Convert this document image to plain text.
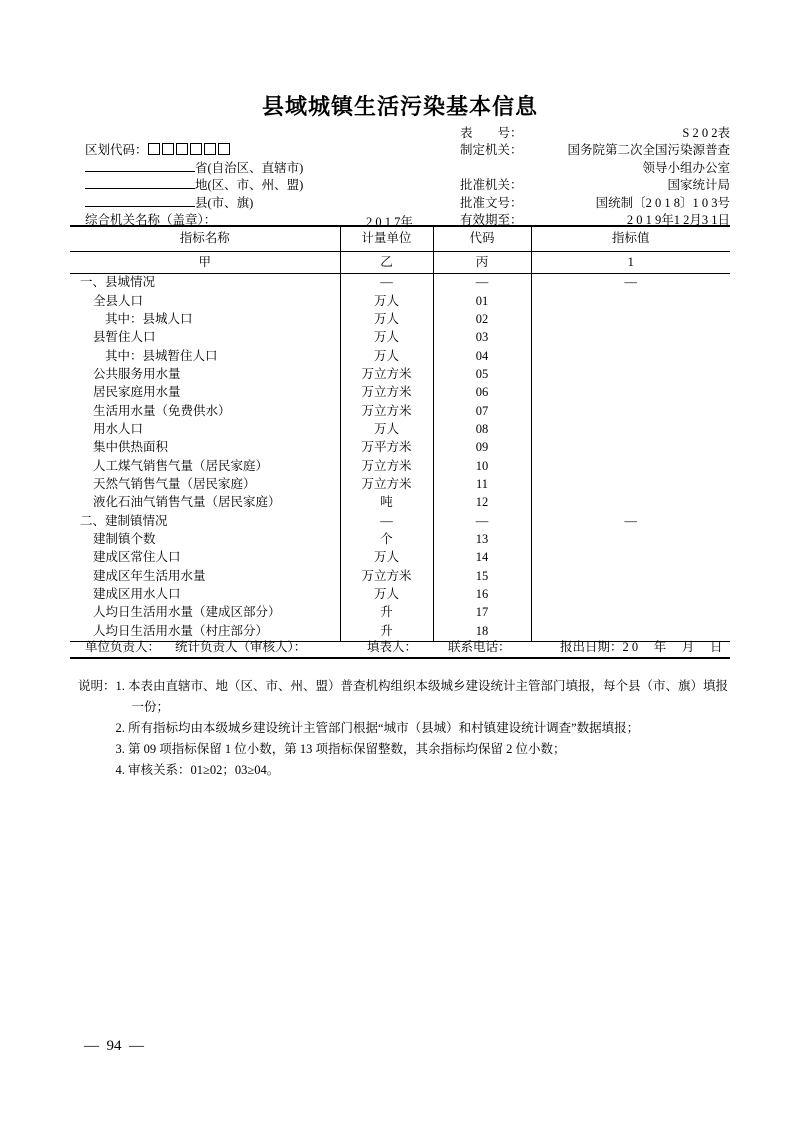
县域城镇生活污染基本信息
表　　号：	S 2 0 2表
区划代码：	制定机关：	国务院第二次全国污染源普查
省(自治区、直辖市)	领导小组办公室
地(区、市、州、盟)	批准机关：	国家统计局
县(市、旗)	批准文号：	国统制〔2 0 1 8〕1 0 3号
综合机关名称（盖章）：	2 0 1 7年	有效期至：	2 0 1 9年1 2月3 1日
指标名称	计量单位	代码	指标值
甲	乙	丙	1
一、县城情况	—	—	—
全县人口	万人	01	
其中：县城人口	万人	02	
县暂住人口	万人	03	
其中：县城暂住人口	万人	04	
公共服务用水量	万立方米	05	
居民家庭用水量	万立方米	06	
生活用水量（免费供水）	万立方米	07	
用水人口	万人	08	
集中供热面积	万平方米	09	
人工煤气销售气量（居民家庭）	万立方米	10	
天然气销售气量（居民家庭）	万立方米	11	
液化石油气销售气量（居民家庭）	吨	12	
二、建制镇情况	—	—	—
建制镇个数	个	13	
建成区常住人口	万人	14	
建成区年生活用水量	万立方米	15	
建成区用水人口	万人	16	
人均日生活用水量（建成区部分）	升	17	
人均日生活用水量（村庄部分）	升	18	
单位负责人： 统计负责人（审核人）：	填表人： 联系电话：	报出日期：2 0　 年　 月　 日
说明： 1. 本表由直辖市、地（区、市、州、盟）普查机构组织本级城乡建设统计主管部门填报，每个县（市、旗）填报
一份；
2. 所有指标均由本级城乡建设统计主管部门根据“城市（县城）和村镇建设统计调查”数据填报；
3. 第 09 项指标保留 1 位小数，第 13 项指标保留整数，其余指标均保留 2 位小数；
4. 审核关系：01≥02；03≥04。
—  94  —
